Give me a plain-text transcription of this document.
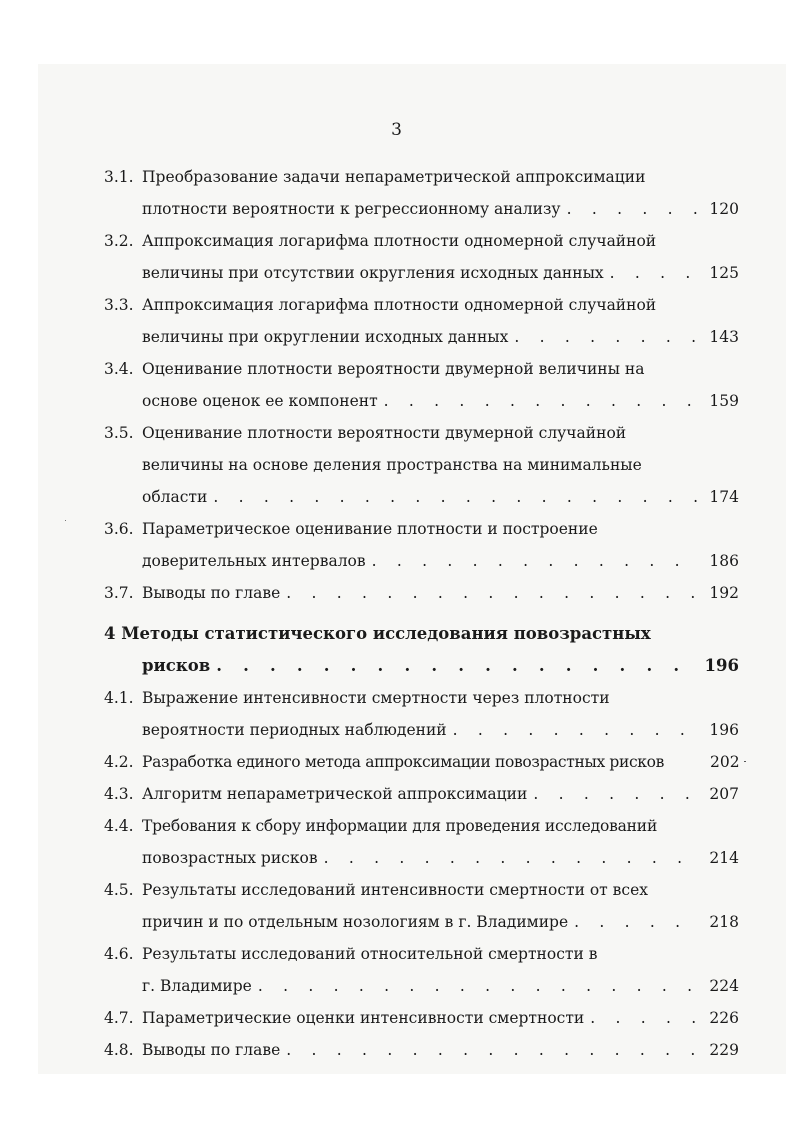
3
3.1. Преобразование задачи непараметрической аппроксимации
плотности вероятности к регрессионному анализу . . .	120
3.2. Аппроксимация логарифма плотности одномерной случайной
величины при отсутствии округления исходных данных . . .	125
3.3. Аппроксимация логарифма плотности одномерной случайной
величины при округлении исходных данных . . .	143
3.4. Оценивание плотности вероятности двумерной величины на
основе оценок ее компонент . . .	159
3.5. Оценивание плотности вероятности двумерной случайной
величины на основе деления пространства на минимальные
области . . .	174
3.6. Параметрическое оценивание плотности и построение
доверительных интервалов . . .	186
3.7. Выводы по главе . . .	192
4 Методы статистического исследования повозрастных
рисков . . .	196
4.1. Выражение интенсивности смертности через плотности
вероятности периодных наблюдений . . .	196
4.2. Разработка единого метода аппроксимации повозрастных рисков	202
4.3. Алгоритм непараметрической аппроксимации . . .	207
4.4. Требования к сбору информации для проведения исследований
повозрастных рисков . . .	214
4.5. Результаты исследований интенсивности смертности от всех
причин и по отдельным нозологиям в г. Владимире . . .	218
4.6. Результаты исследований относительной смертности в
г. Владимире . . .	224
4.7. Параметрические оценки интенсивности смертности . . .	226
4.8. Выводы по главе . . .	229
